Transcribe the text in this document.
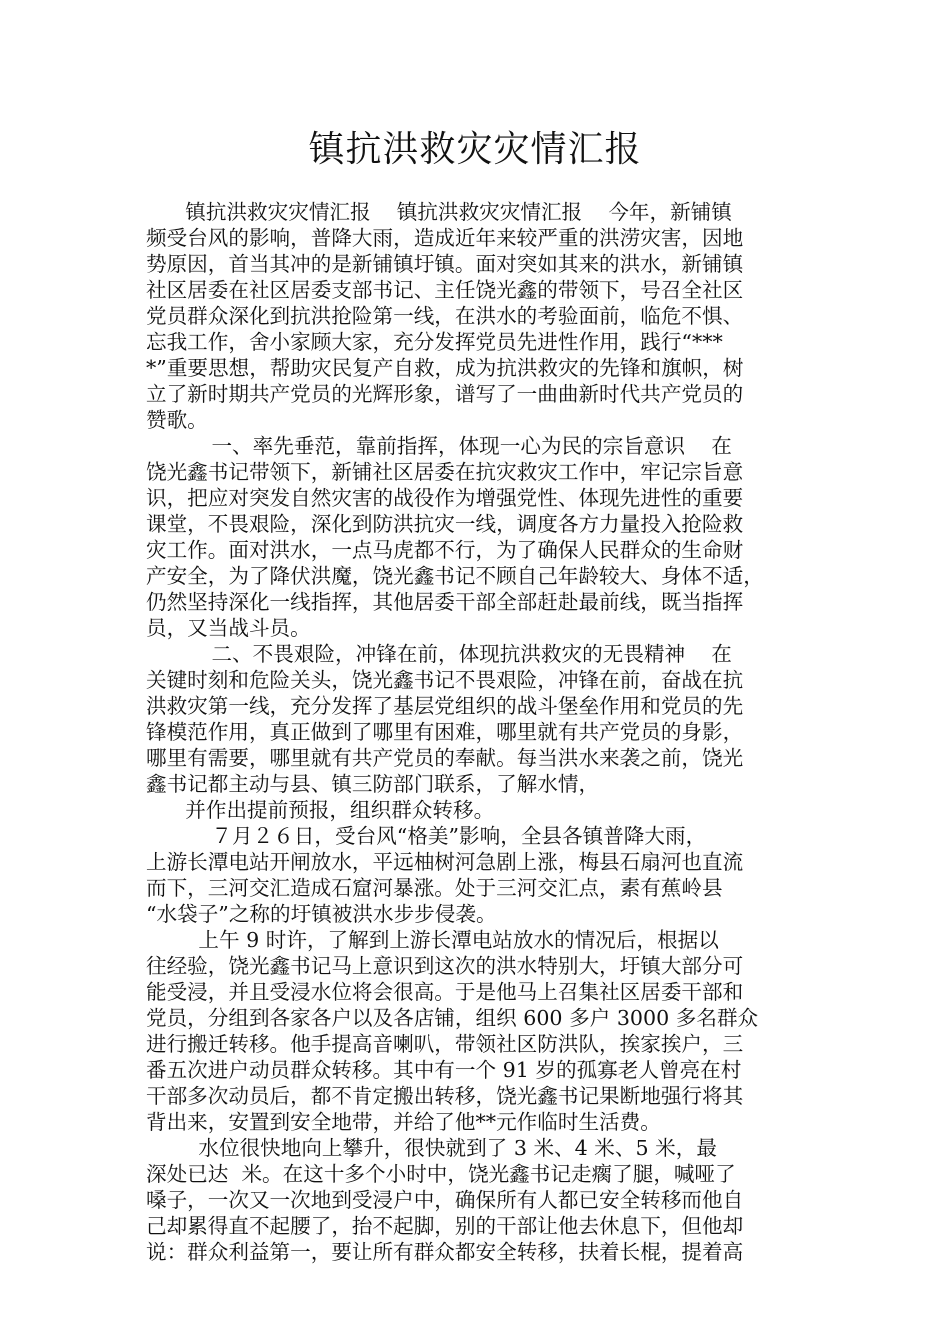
镇抗洪救灾灾情汇报
镇抗洪救灾灾情汇报    镇抗洪救灾灾情汇报    今年，新铺镇
频受台风的影响，普降大雨，造成近年来较严重的洪涝灾害，因地
势原因，首当其冲的是新铺镇圩镇。面对突如其来的洪水，新铺镇
社区居委在社区居委支部书记、主任饶光鑫的带领下，号召全社区
党员群众深化到抗洪抢险第一线，在洪水的考验面前，临危不惧、
忘我工作，舍小家顾大家，充分发挥党员先进性作用，践行“***
*”重要思想，帮助灾民复产自救，成为抗洪救灾的先锋和旗帜，树
立了新时期共产党员的光辉形象，谱写了一曲曲新时代共产党员的
赞歌。
一、率先垂范，靠前指挥，体现一心为民的宗旨意识    在
饶光鑫书记带领下，新铺社区居委在抗灾救灾工作中，牢记宗旨意
识，把应对突发自然灾害的战役作为增强党性、体现先进性的重要
课堂，不畏艰险，深化到防洪抗灾一线，调度各方力量投入抢险救
灾工作。面对洪水，一点马虎都不行，为了确保人民群众的生命财
产安全，为了降伏洪魔，饶光鑫书记不顾自己年龄较大、身体不适，
仍然坚持深化一线指挥，其他居委干部全部赶赴最前线，既当指挥
员，又当战斗员。
二、不畏艰险，冲锋在前，体现抗洪救灾的无畏精神    在
关键时刻和危险关头，饶光鑫书记不畏艰险，冲锋在前，奋战在抗
洪救灾第一线，充分发挥了基层党组织的战斗堡垒作用和党员的先
锋模范作用，真正做到了哪里有困难，哪里就有共产党员的身影，
哪里有需要，哪里就有共产党员的奉献。每当洪水来袭之前，饶光
鑫书记都主动与县、镇三防部门联系，了解水情，
并作出提前预报，组织群众转移。
７月２６日，受台风“格美”影响，全县各镇普降大雨，
上游长潭电站开闸放水，平远柚树河急剧上涨，梅县石扇河也直流
而下，三河交汇造成石窟河暴涨。处于三河交汇点，素有蕉岭县
“水袋子”之称的圩镇被洪水步步侵袭。
上午 9 时许，了解到上游长潭电站放水的情况后，根据以
往经验，饶光鑫书记马上意识到这次的洪水特别大，圩镇大部分可
能受浸，并且受浸水位将会很高。于是他马上召集社区居委干部和
党员，分组到各家各户以及各店铺，组织 600 多户 3000 多名群众
进行搬迁转移。他手提高音喇叭，带领社区防洪队，挨家挨户，三
番五次进户动员群众转移。其中有一个 91 岁的孤寡老人曾亮在村
干部多次动员后，都不肯定搬出转移，饶光鑫书记果断地强行将其
背出来，安置到安全地带，并给了他**元作临时生活费。
水位很快地向上攀升，很快就到了 3 米、4 米、5 米，最
深处已达  米。在这十多个小时中，饶光鑫书记走瘸了腿，喊哑了
嗓子，一次又一次地到受浸户中，确保所有人都已安全转移而他自
己却累得直不起腰了，抬不起脚，别的干部让他去休息下，但他却
说：群众利益第一，要让所有群众都安全转移，扶着长棍，提着高
